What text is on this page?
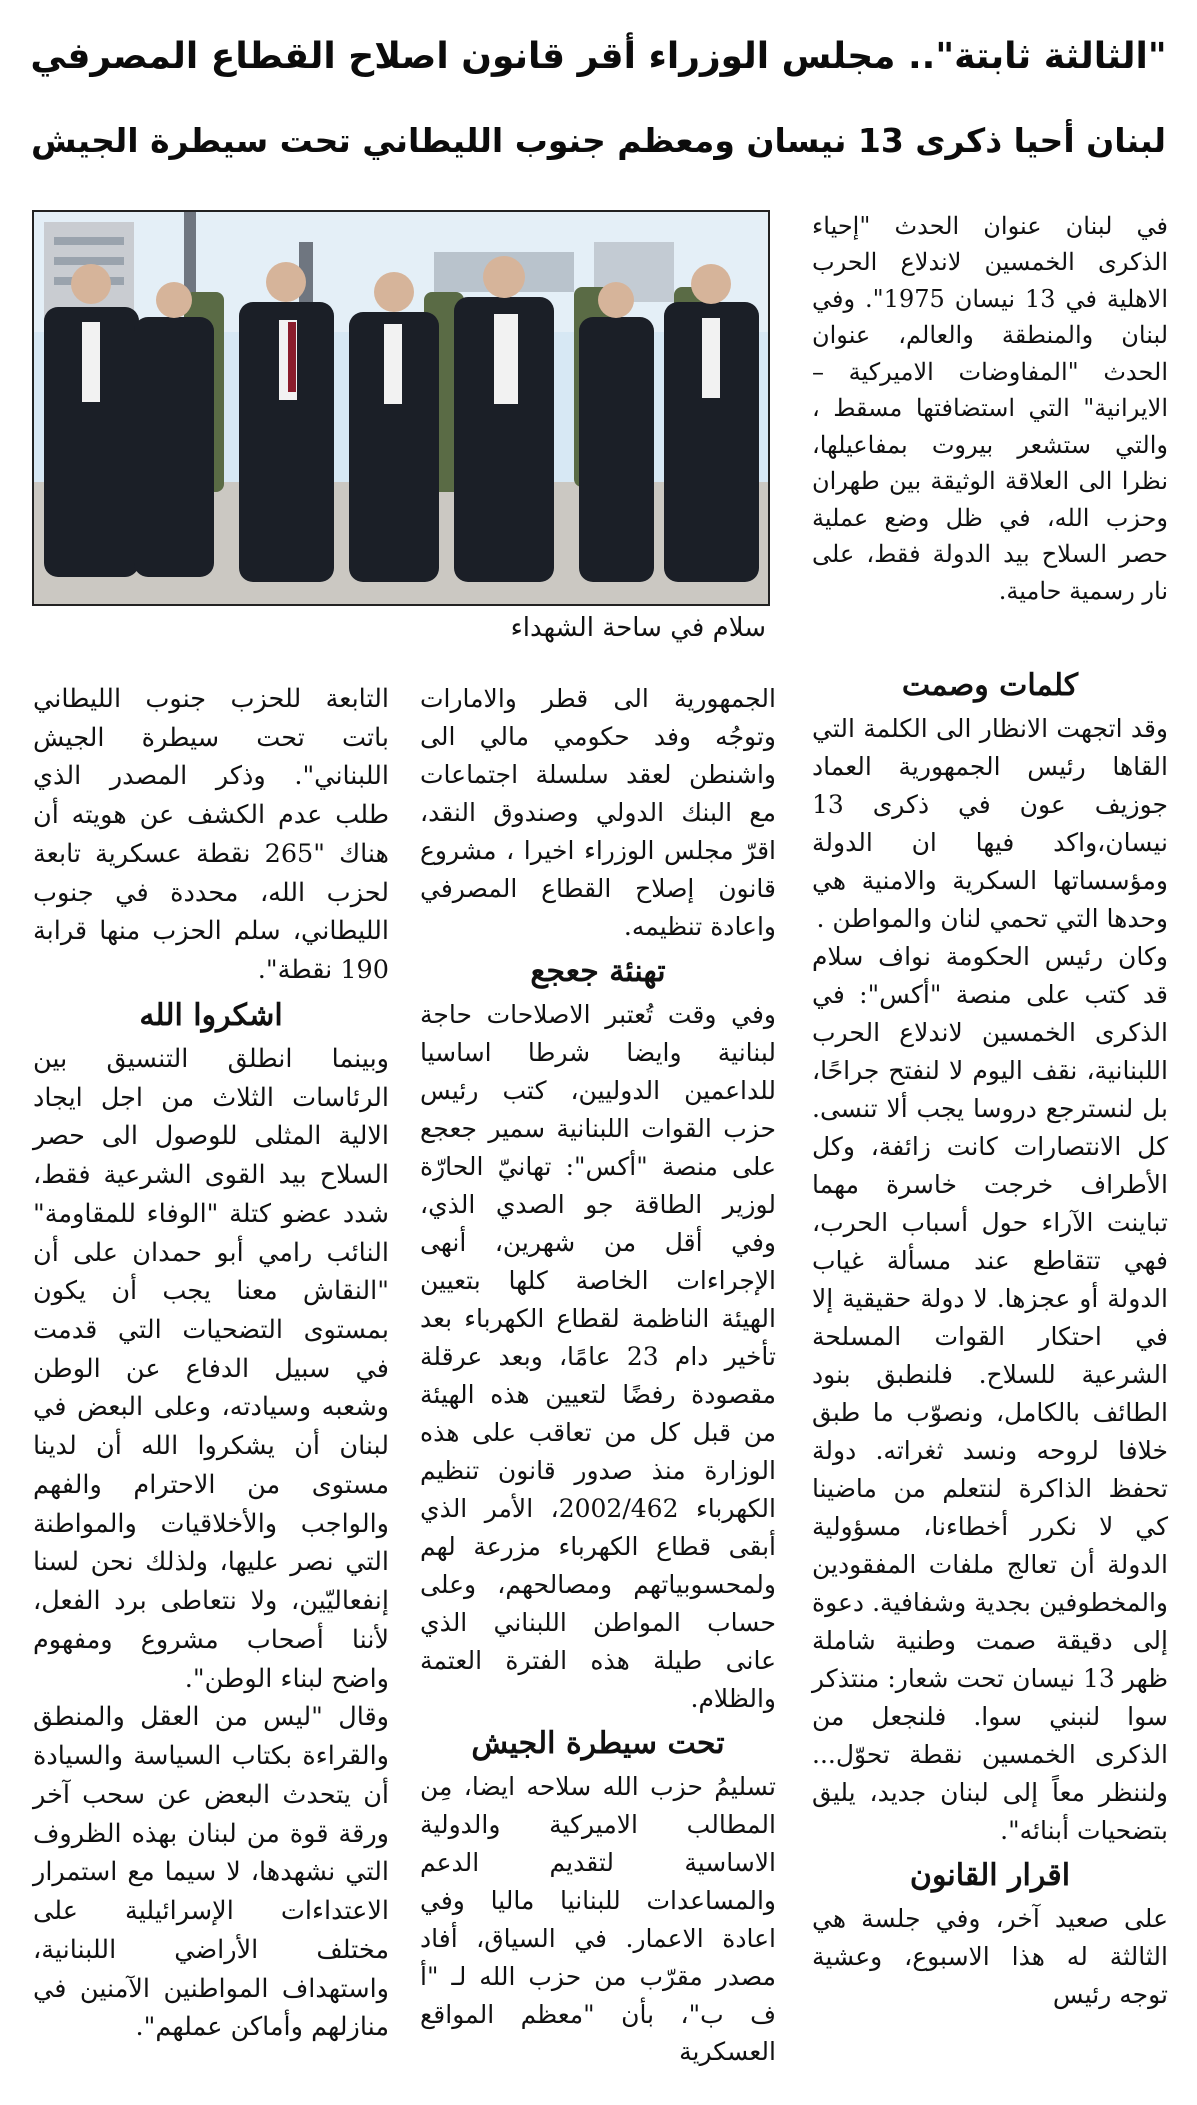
"الثالثة ثابتة".. مجلس الوزراء أقر قانون اصلاح القطاع المصرفي
لبنان أحيا ذكرى 13 نيسان ومعظم جنوب الليطاني تحت سيطرة الجيش
سلام في ساحة الشهداء

في لبنان عنوان الحدث "إحياء الذكرى الخمسين لاندلاع الحرب الاهلية في 13 نيسان 1975". وفي لبنان والمنطقة والعالم، عنوان الحدث "المفاوضات الاميركية – الايرانية" التي استضافتها مسقط ، والتي ستشعر بيروت بمفاعيلها، نظرا الى العلاقة الوثيقة بين طهران وحزب الله، في ظل وضع عملية حصر السلاح بيد الدولة فقط، على نار رسمية حامية.

كلمات وصمت

وقد اتجهت الانظار الى الكلمة التي القاها رئيس الجمهورية العماد جوزيف عون في ذكرى 13 نيسان،واكد فيها ان الدولة ومؤسساتها السكرية والامنية هي وحدها التي تحمي لنان والمواطن .

وكان رئيس الحكومة نواف سلام قد كتب على منصة "أكس": في الذكرى الخمسين لاندلاع الحرب اللبنانية، نقف اليوم لا لنفتح جراحًا، بل لنسترجع دروسا يجب ألا تنسى. كل الانتصارات كانت زائفة، وكل الأطراف خرجت خاسرة مهما تباينت الآراء حول أسباب الحرب، فهي تتقاطع عند مسألة غياب الدولة أو عجزها. لا دولة حقيقية إلا في احتكار القوات المسلحة الشرعية للسلاح. فلنطبق بنود الطائف بالكامل، ونصوّب ما طبق خلافا لروحه ونسد ثغراته. دولة تحفظ الذاكرة لنتعلم من ماضينا كي لا نكرر أخطاءنا، مسؤولية الدولة أن تعالج ملفات المفقودين والمخطوفين بجدية وشفافية. دعوة إلى دقيقة صمت وطنية شاملة ظهر 13 نيسان تحت شعار: منتذكر سوا لنبني سوا. فلنجعل من الذكرى الخمسين نقطة تحوّل... ولننظر معاً إلى لبنان جديد، يليق بتضحيات أبنائه".

اقرار القانون

على صعيد آخر، وفي جلسة هي الثالثة له هذا الاسبوع، وعشية توجه رئيس

الجمهورية الى قطر والامارات وتوجُه وفد حكومي مالي الى واشنطن لعقد سلسلة اجتماعات مع البنك الدولي وصندوق النقد، اقرّ مجلس الوزراء اخيرا ، مشروع قانون إصلاح القطاع المصرفي واعادة تنظيمه.

تهنئة جعجع

وفي وقت تُعتبر الاصلاحات حاجة لبنانية وايضا شرطا اساسيا للداعمين الدوليين، كتب رئيس حزب القوات اللبنانية سمير جعجع على منصة "أكس": تهانيّ الحارّة لوزير الطاقة جو الصدي الذي، وفي أقل من شهرين، أنهى الإجراءات الخاصة كلها بتعيين الهيئة الناظمة لقطاع الكهرباء بعد تأخير دام 23 عامًا، وبعد عرقلة مقصودة رفضًا لتعيين هذه الهيئة من قبل كل من تعاقب على هذه الوزارة منذ صدور قانون تنظيم الكهرباء 2002/462، الأمر الذي أبقى قطاع الكهرباء مزرعة لهم ولمحسوبياتهم ومصالحهم، وعلى حساب المواطن اللبناني الذي عانى طيلة هذه الفترة العتمة والظلام.

تحت سيطرة الجيش

تسليمُ حزب الله سلاحه ايضا، مِن المطالب الاميركية والدولية الاساسية لتقديم الدعم والمساعدات للبنانيا ماليا وفي اعادة الاعمار. في السياق، أفاد مصدر مقرّب من حزب الله لـ "أ ف ب"، بأن "معظم المواقع العسكرية

التابعة للحزب جنوب الليطاني باتت تحت سيطرة الجيش اللبناني". وذكر المصدر الذي طلب عدم الكشف عن هويته أن هناك "265 نقطة عسكرية تابعة لحزب الله، محددة في جنوب الليطاني، سلم الحزب منها قرابة 190 نقطة".

اشكروا الله

وبينما انطلق التنسيق بين الرئاسات الثلاث من اجل ايجاد الالية المثلى للوصول الى حصر السلاح بيد القوى الشرعية فقط، شدد عضو كتلة "الوفاء للمقاومة" النائب رامي أبو حمدان على أن "النقاش معنا يجب أن يكون بمستوى التضحيات التي قدمت في سبيل الدفاع عن الوطن وشعبه وسيادته، وعلى البعض في لبنان أن يشكروا الله أن لدينا مستوى من الاحترام والفهم والواجب والأخلاقيات والمواطنة التي نصر عليها، ولذلك نحن لسنا إنفعاليّين، ولا نتعاطى برد الفعل، لأننا أصحاب مشروع ومفهوم واضح لبناء الوطن".

وقال "ليس من العقل والمنطق والقراءة بكتاب السياسة والسيادة أن يتحدث البعض عن سحب آخر ورقة قوة من لبنان بهذه الظروف التي نشهدها، لا سيما مع استمرار الاعتداءات الإسرائيلية على مختلف الأراضي اللبنانية، واستهداف المواطنين الآمنين في منازلهم وأماكن عملهم".
